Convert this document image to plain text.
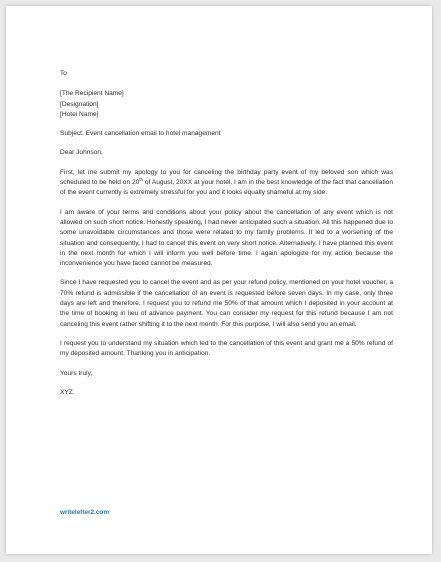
To
[The Recipient Name]
[Designation]
[Hotel Name]
Subject: Event cancellation email to hotel management
Dear Johnson,

First, let me submit my apology to you for canceling the birthday party event of my beloved son which was scheduled to be held on 20th of August, 20XX at your hotel. I am in the best knowledge of the fact that cancellation of the event currently is extremely stressful for you and it looks equally shameful at my side.

I am aware of your terms and conditions about your policy about the cancellation of any event which is not allowed on such short notice. Honestly speaking, I had never anticipated such a situation. All this happened due to some unavoidable circumstances and those were related to my family problems. It led to a worsening of the situation and consequently, I had to cancel this event on very short notice. Alternatively, I have planned this event in the next month for which I will inform you well before time. I again apologize for my action because the inconvenience you have faced cannot be measured.

Since I have requested you to cancel the event and as per your refund policy, mentioned on your hotel voucher, a 70% refund is admissible if the cancellation of an event is requested before seven days. In my case, only three days are left and therefore, I request you to refund me 50% of that amount which I deposited in your account at the time of booking in lieu of advance payment. You can consider my request for this refund because I am not canceling this event rather shifting it to the next month. For this purpose, I will also send you an email.

I request you to understand my situation which led to the cancellation of this event and grant me a 50% refund of my deposited amount. Thanking you in anticipation.

Yours truly,
XYZ.
writeletter2.com
